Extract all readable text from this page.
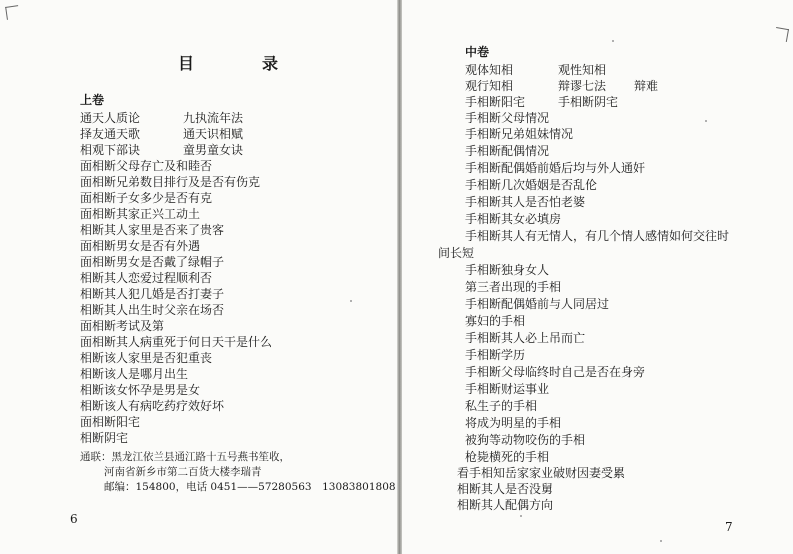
目　录
上卷
通天人质论	九执流年法
择友通天歌	通天识相赋
相观下部诀	童男童女诀
面相断父母存亡及和睦否
面相断兄弟数目排行及是否有伤克
面相断子女多少是否有克
面相断其家正兴工动土
相断其人家里是否来了贵客
面相断男女是否有外遇
面相断男女是否戴了绿帽子
相断其人恋爱过程顺利否
相断其人犯几婚是否打妻子
相断其人出生时父亲在场否
面相断考试及第
面相断其人病重死于何日天干是什么
相断该人家里是否犯重丧
相断该人是哪月出生
相断该女怀孕是男是女
相断该人有病吃药疗效好坏
面相断阳宅
相断阴宅
通联：黑龙江依兰县通江路十五号燕书笙收，
河南省新乡市第二百货大楼李瑞青
邮编：154800，电话 0451——57280563　13083801808
6
中卷
观体知相	观性知相
观行知相	辩谬七法 辩难
手相断阳宅	手相断阴宅
手相断父母情况
手相断兄弟姐妹情况
手相断配偶情况
手相断配偶婚前婚后均与外人通奸
手相断几次婚姻是否乱伦
手相断其人是否怕老婆
手相断其女必填房
手相断其人有无情人，有几个情人感情如何交往时
间长短
手相断独身女人
第三者出现的手相
手相断配偶婚前与人同居过
寡妇的手相
手相断其人必上吊而亡
手相断学历
手相断父母临终时自己是否在身旁
手相断财运事业
私生子的手相
将成为明星的手相
被狗等动物咬伤的手相
枪毙横死的手相
看手相知岳家家业破财因妻受累
相断其人是否没舅
相断其人配偶方向
7
